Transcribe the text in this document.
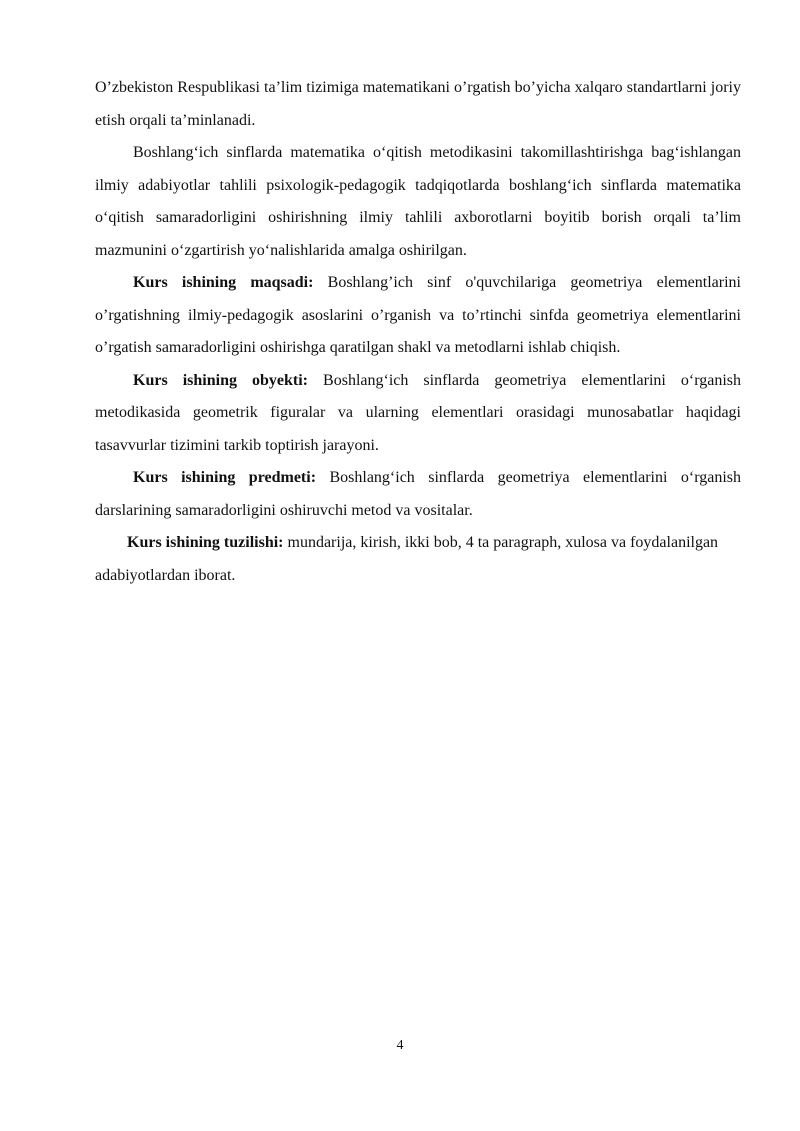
O’zbekiston Respublikasi ta’lim tizimiga matematikani o’rgatish bo’yicha xalqaro standartlarni joriy etish orqali ta’minlanadi.

Boshlang‘ich sinflarda matematika o‘qitish metodikasini takomillashtirishga bag‘ishlangan ilmiy adabiyotlar tahlili psixologik-pedagogik tadqiqotlarda boshlang‘ich sinflarda matematika o‘qitish samaradorligini oshirishning ilmiy tahlili axborotlarni boyitib borish orqali ta’lim mazmunini o‘zgartirish yo‘nalishlarida amalga oshirilgan.

Kurs ishining maqsadi: Boshlang’ich sinf o'quvchilariga geometriya elementlarini o’rgatishning ilmiy-pedagogik asoslarini o’rganish va to’rtinchi sinfda geometriya elementlarini o’rgatish samaradorligini oshirishga qaratilgan shakl va metodlarni ishlab chiqish.

Kurs ishining obyekti: Boshlang‘ich sinflarda geometriya elementlarini o‘rganish metodikasida geometrik figuralar va ularning elementlari orasidagi munosabatlar haqidagi tasavvurlar tizimini tarkib toptirish jarayoni.

Kurs ishining predmeti: Boshlang‘ich sinflarda geometriya elementlarini o‘rganish darslarining samaradorligini oshiruvchi metod va vositalar.

Kurs ishining tuzilishi: mundarija, kirish, ikki bob, 4 ta paragraph, xulosa va foydalanilgan adabiyotlardan iborat.

4
